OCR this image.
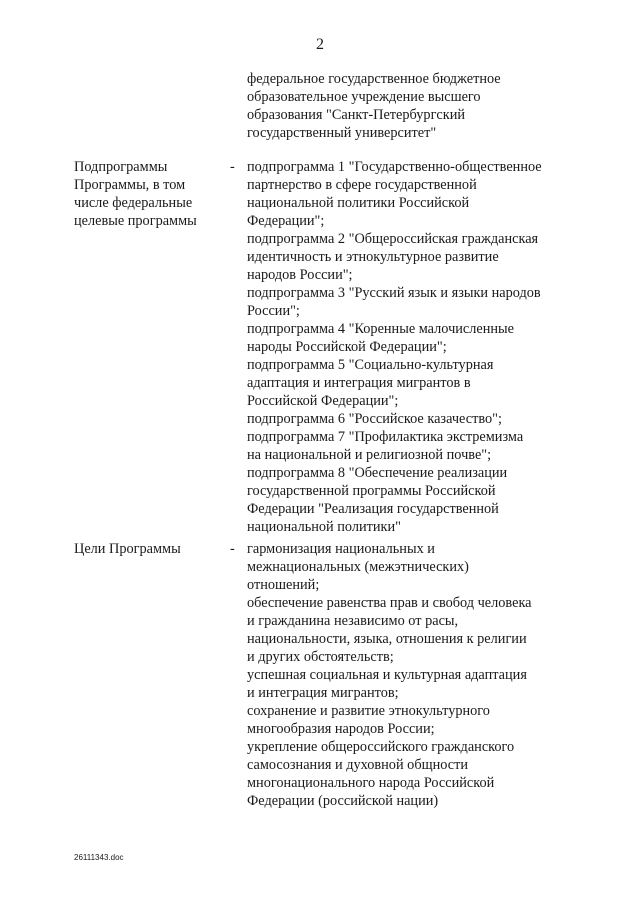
2
федеральное государственное бюджетное
образовательное учреждение высшего
образования "Санкт-Петербургский
государственный университет"
Подпрограммы
Программы, в том
числе федеральные
целевые программы
- подпрограмма 1 "Государственно-общественное
партнерство в сфере государственной
национальной политики Российской
Федерации";
подпрограмма 2 "Общероссийская гражданская
идентичность и этнокультурное развитие
народов России";
подпрограмма 3 "Русский язык и языки народов
России";
подпрограмма 4 "Коренные малочисленные
народы Российской Федерации";
подпрограмма 5 "Социально-культурная
адаптация и интеграция мигрантов в
Российской Федерации";
подпрограмма 6 "Российское казачество";
подпрограмма 7 "Профилактика экстремизма
на национальной и религиозной почве";
подпрограмма 8 "Обеспечение реализации
государственной программы Российской
Федерации "Реализация государственной
национальной политики"
Цели Программы	- гармонизация национальных и
межнациональных (межэтнических)
отношений;
обеспечение равенства прав и свобод человека
и гражданина независимо от расы,
национальности, языка, отношения к религии
и других обстоятельств;
успешная социальная и культурная адаптация
и интеграция мигрантов;
сохранение и развитие этнокультурного
многообразия народов России;
укрепление общероссийского гражданского
самосознания и духовной общности
многонационального народа Российской
Федерации (российской нации)
26111343.doc
